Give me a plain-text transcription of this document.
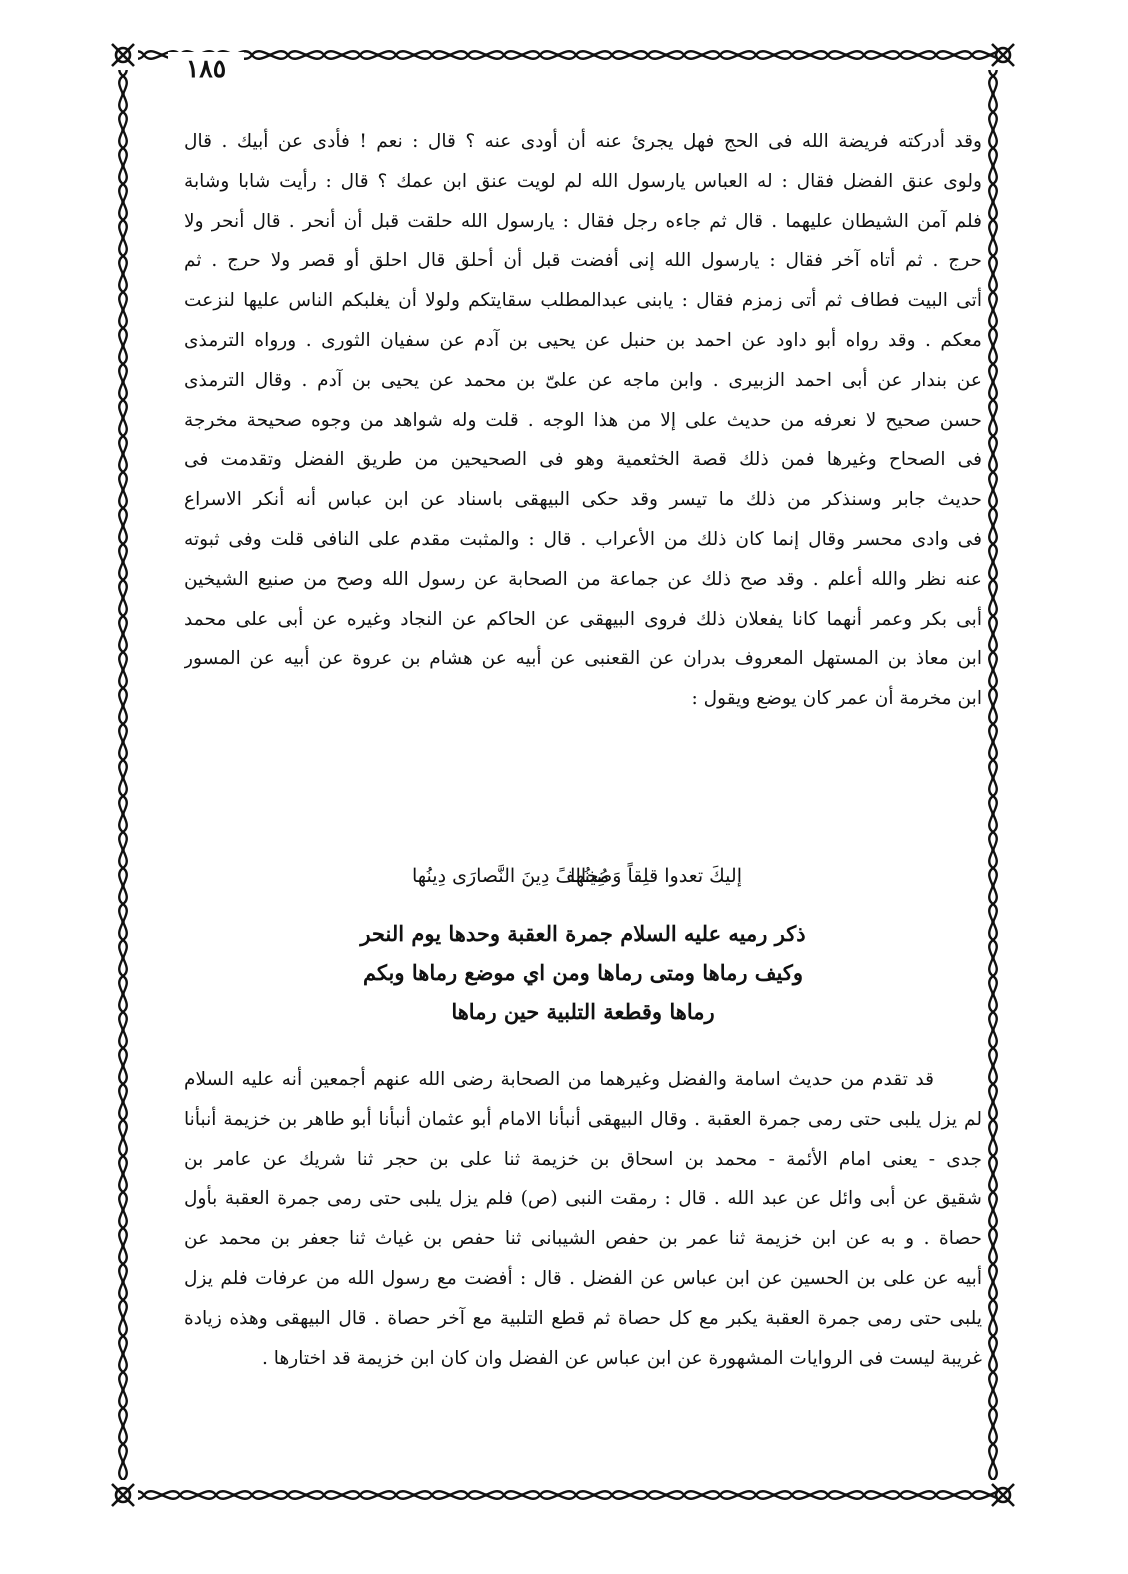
١٨٥
وقد أدركته فريضة الله فى الحج فهل يجرئ عنه أن أودى عنه ؟ قال : نعم ! فأدى عن أبيك . قال
ولوى عنق الفضل فقال : له العباس يارسول الله لم لويت عنق ابن عمك ؟ قال : رأيت شابا وشابة
فلم آمن الشيطان عليهما . قال ثم جاءه رجل فقال : يارسول الله حلقت قبل أن أنحر . قال أنحر ولا
حرج . ثم أتاه آخر فقال : يارسول الله إنى أفضت قبل أن أحلق قال احلق أو قصر ولا حرج . ثم
أتى البيت فطاف ثم أتى زمزم فقال : يابنى عبدالمطلب سقايتكم ولولا أن يغلبكم الناس عليها لنزعت
معكم . وقد رواه أبو داود عن احمد بن حنبل عن يحيى بن آدم عن سفيان الثورى . ورواه الترمذى
عن بندار عن أبى احمد الزبيرى . وابن ماجه عن علىّ بن محمد عن يحيى بن آدم . وقال الترمذى
حسن صحيح لا نعرفه من حديث على إلا من هذا الوجه . قلت وله شواهد من وجوه صحيحة مخرجة
فى الصحاح وغيرها فمن ذلك قصة الخثعمية وهو فى الصحيحين من طريق الفضل وتقدمت فى
حديث جابر وسنذكر من ذلك ما تيسر وقد حكى البيهقى باسناد عن ابن عباس أنه أنكر الاسراع
فى وادى محسر وقال إنما كان ذلك من الأعراب . قال : والمثبت مقدم على النافى قلت وفى ثبوته
عنه نظر والله أعلم . وقد صح ذلك عن جماعة من الصحابة عن رسول الله وصح من صنيع الشيخين
أبى بكر وعمر أنهما كانا يفعلان ذلك فروى البيهقى عن الحاكم عن النجاد وغيره عن أبى على محمد
ابن معاذ بن المستهل المعروف بدران عن القعنبى عن أبيه عن هشام بن عروة عن أبيه عن المسور
ابن مخرمة أن عمر كان يوضع ويقول :
إليكَ تعدوا قلِقاً وَضِينُها
مُخالفً دِينَ النَّصارَى دِينُها
ذكر رميه عليه السلام جمرة العقبة وحدها يوم النحر
وكيف رماها ومتى رماها ومن اي موضع رماها وبكم
رماها وقطعة التلبية حين رماها
قد تقدم من حديث اسامة والفضل وغيرهما من الصحابة رضى الله عنهم أجمعين أنه عليه السلام
لم يزل يلبى حتى رمى جمرة العقبة . وقال البيهقى أنبأنا الامام أبو عثمان أنبأنا أبو طاهر بن خزيمة أنبأنا
جدى - يعنى امام الأئمة - محمد بن اسحاق بن خزيمة ثنا على بن حجر ثنا شريك عن عامر بن
شقيق عن أبى وائل عن عبد الله . قال : رمقت النبى (ص) فلم يزل يلبى حتى رمى جمرة العقبة بأول
حصاة . و به عن ابن خزيمة ثنا عمر بن حفص الشيبانى ثنا حفص بن غياث ثنا جعفر بن محمد عن
أبيه عن على بن الحسين عن ابن عباس عن الفضل . قال : أفضت مع رسول الله من عرفات فلم يزل
يلبى حتى رمى جمرة العقبة يكبر مع كل حصاة ثم قطع التلبية مع آخر حصاة . قال البيهقى وهذه زيادة
غريبة ليست فى الروايات المشهورة عن ابن عباس عن الفضل وان كان ابن خزيمة قد اختارها .
